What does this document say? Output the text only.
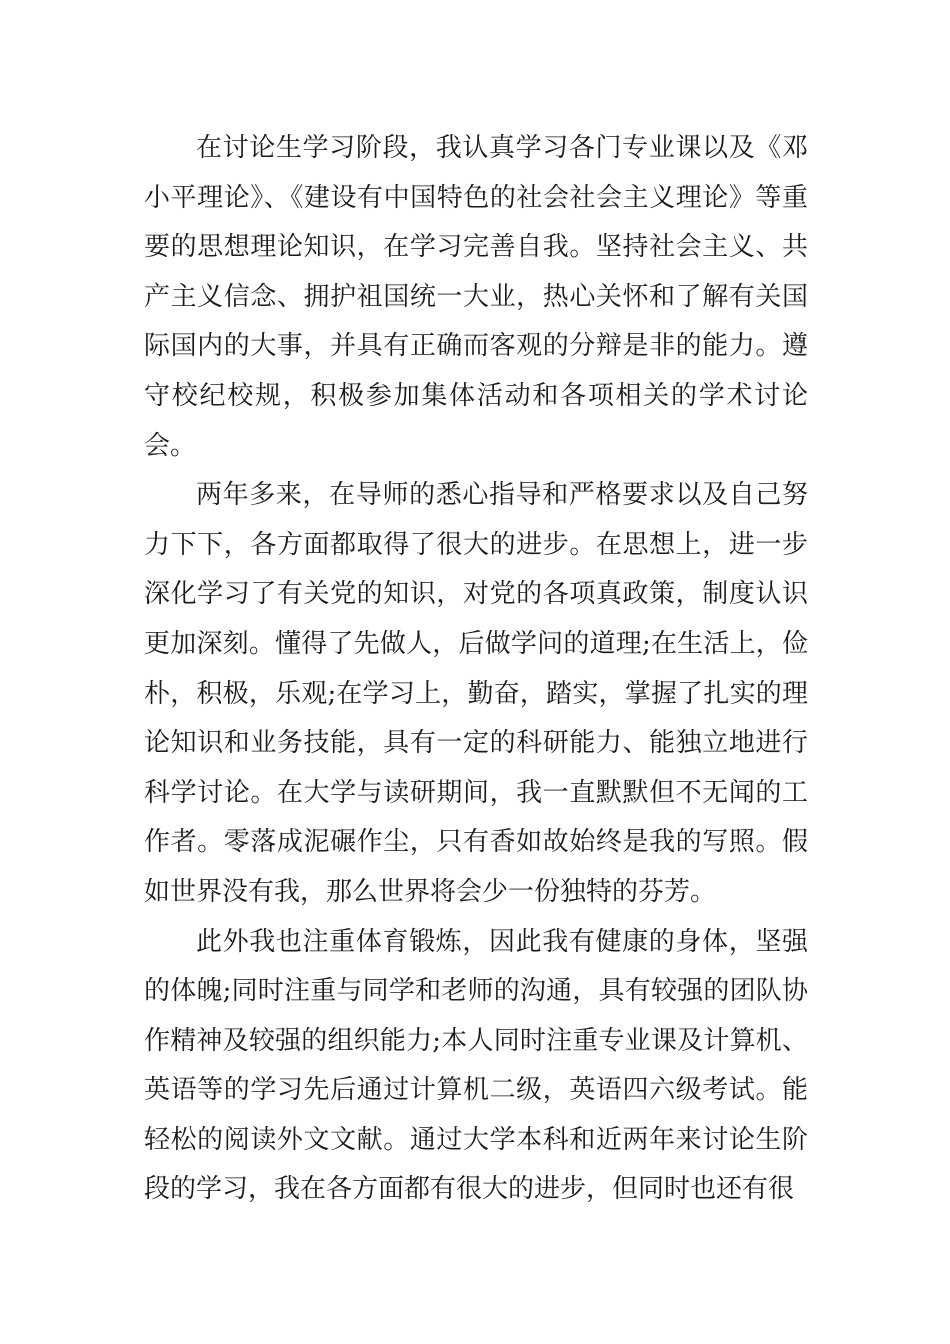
在讨论生学习阶段，我认真学习各门专业课以及《邓小平理论》、《建设有中国特色的社会社会主义理论》等重要的思想理论知识，在学习完善自我。坚持社会主义、共产主义信念、拥护祖国统一大业，热心关怀和了解有关国际国内的大事，并具有正确而客观的分辩是非的能力。遵守校纪校规，积极参加集体活动和各项相关的学术讨论会。

两年多来，在导师的悉心指导和严格要求以及自己努力下下，各方面都取得了很大的进步。在思想上，进一步深化学习了有关党的知识，对党的各项真政策，制度认识更加深刻。懂得了先做人，后做学问的道理;在生活上，俭朴，积极，乐观;在学习上，勤奋，踏实，掌握了扎实的理论知识和业务技能，具有一定的科研能力、能独立地进行科学讨论。在大学与读研期间，我一直默默但不无闻的工作者。零落成泥碾作尘，只有香如故始终是我的写照。假如世界没有我，那么世界将会少一份独特的芬芳。

此外我也注重体育锻炼，因此我有健康的身体，坚强的体魄;同时注重与同学和老师的沟通，具有较强的团队协作精神及较强的组织能力;本人同时注重专业课及计算机、英语等的学习先后通过计算机二级，英语四六级考试。能轻松的阅读外文文献。通过大学本科和近两年来讨论生阶段的学习，我在各方面都有很大的进步，但同时也还有很
